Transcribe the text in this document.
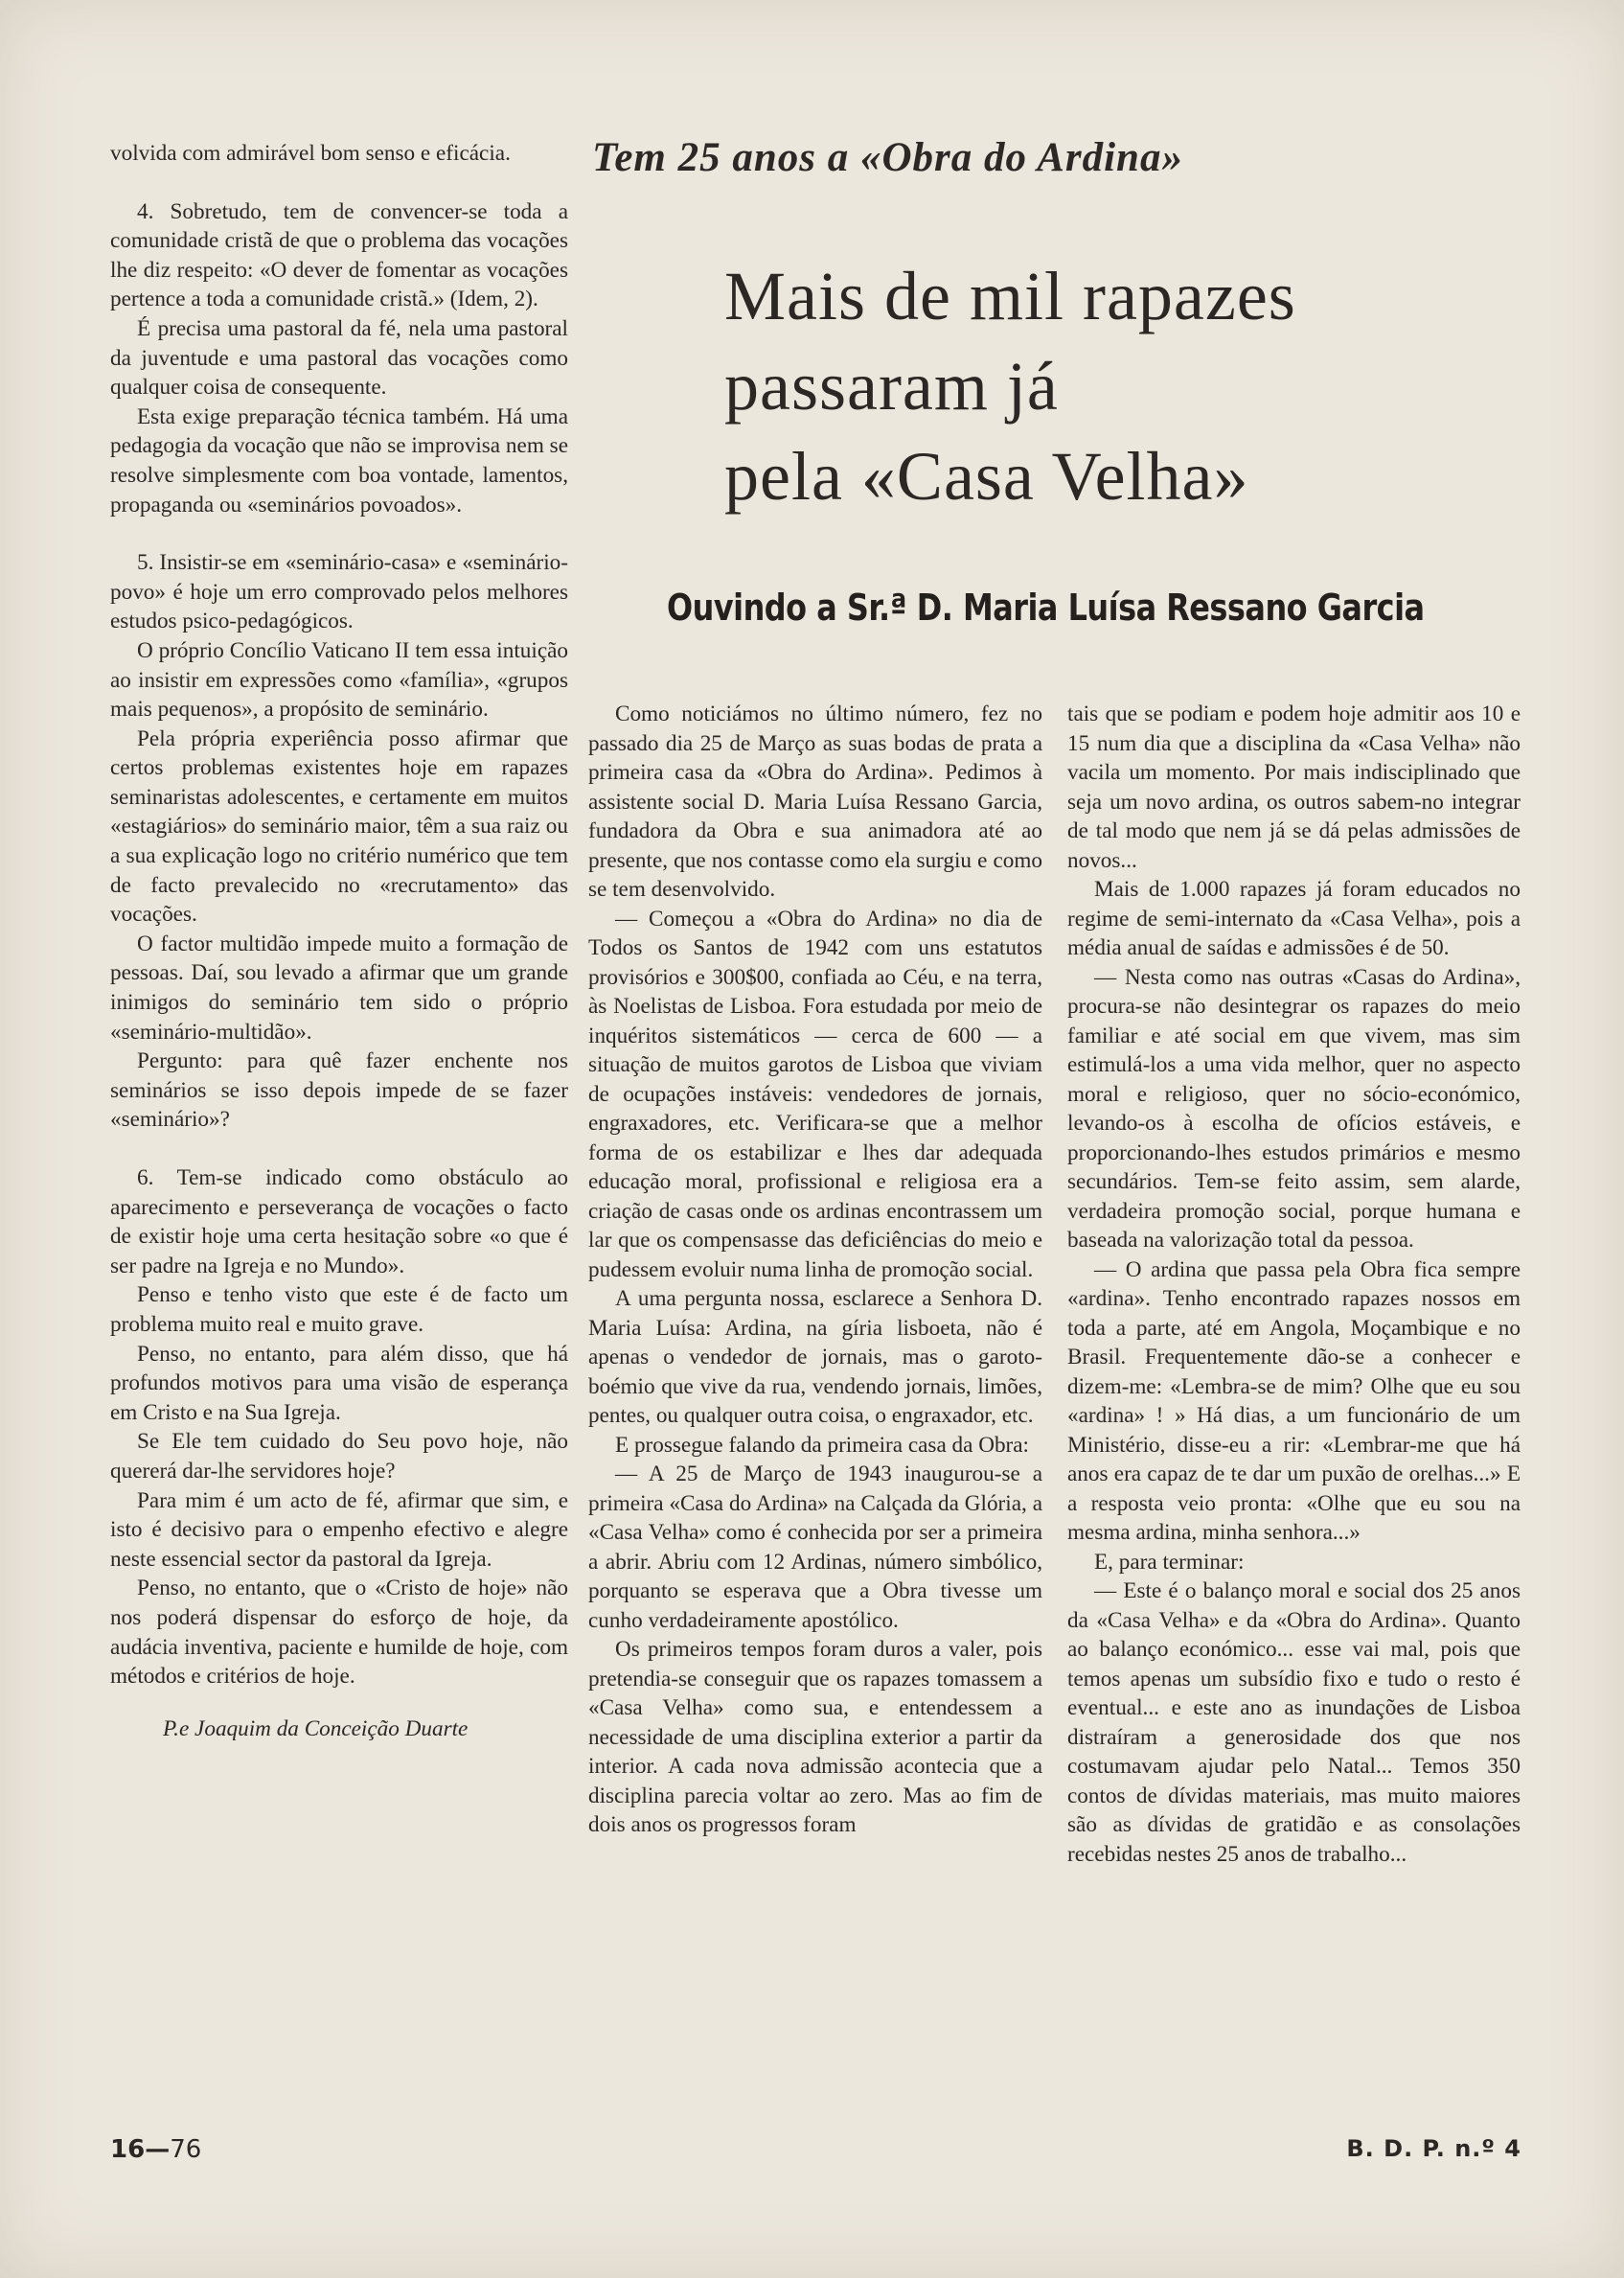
volvida com admirável bom senso e eficácia.

4. Sobretudo, tem de convencer-se toda a comunidade cristã de que o problema das vocações lhe diz respeito: «O dever de fomentar as vocações pertence a toda a comunidade cristã.» (Idem, 2).

É precisa uma pastoral da fé, nela uma pastoral da juventude e uma pastoral das vocações como qualquer coisa de consequente.

Esta exige preparação técnica também. Há uma pedagogia da vocação que não se improvisa nem se resolve simplesmente com boa vontade, lamentos, propaganda ou «seminários povoados».

5. Insistir-se em «seminário-casa» e «seminário-povo» é hoje um erro comprovado pelos melhores estudos psico-pedagógicos.

O próprio Concílio Vaticano II tem essa intuição ao insistir em expressões como «família», «grupos mais pequenos», a propósito de seminário.

Pela própria experiência posso afirmar que certos problemas existentes hoje em rapazes seminaristas adolescentes, e certamente em muitos «estagiários» do seminário maior, têm a sua raiz ou a sua explicação logo no critério numérico que tem de facto prevalecido no «recrutamento» das vocações.

O factor multidão impede muito a formação de pessoas. Daí, sou levado a afirmar que um grande inimigos do seminário tem sido o próprio «seminário-multidão».

Pergunto: para quê fazer enchente nos seminários se isso depois impede de se fazer «seminário»?

6. Tem-se indicado como obstáculo ao aparecimento e perseverança de vocações o facto de existir hoje uma certa hesitação sobre «o que é ser padre na Igreja e no Mundo».

Penso e tenho visto que este é de facto um problema muito real e muito grave.

Penso, no entanto, para além disso, que há profundos motivos para uma visão de esperança em Cristo e na Sua Igreja.

Se Ele tem cuidado do Seu povo hoje, não quererá dar-lhe servidores hoje?

Para mim é um acto de fé, afirmar que sim, e isto é decisivo para o empenho efectivo e alegre neste essencial sector da pastoral da Igreja.

Penso, no entanto, que o «Cristo de hoje» não nos poderá dispensar do esforço de hoje, da audácia inventiva, paciente e humilde de hoje, com métodos e critérios de hoje.

P.e Joaquim da Conceição Duarte

Tem 25 anos a «Obra do Ardina»
Mais de mil rapazes
passaram já
pela «Casa Velha»
Ouvindo a Sr.ª D. Maria Luísa Ressano Garcia

Como noticiámos no último número, fez no passado dia 25 de Março as suas bodas de prata a primeira casa da «Obra do Ardina». Pedimos à assistente social D. Maria Luísa Ressano Garcia, fundadora da Obra e sua animadora até ao presente, que nos contasse como ela surgiu e como se tem desenvolvido.

— Começou a «Obra do Ardina» no dia de Todos os Santos de 1942 com uns estatutos provisórios e 300$00, confiada ao Céu, e na terra, às Noelistas de Lisboa. Fora estudada por meio de inquéritos sistemáticos — cerca de 600 — a situação de muitos garotos de Lisboa que viviam de ocupações instáveis: vendedores de jornais, engraxadores, etc. Verificara-se que a melhor forma de os estabilizar e lhes dar adequada educação moral, profissional e religiosa era a criação de casas onde os ardinas encontrassem um lar que os compensasse das deficiências do meio e pudessem evoluir numa linha de promoção social.

A uma pergunta nossa, esclarece a Senhora D. Maria Luísa: Ardina, na gíria lisboeta, não é apenas o vendedor de jornais, mas o garoto-boémio que vive da rua, vendendo jornais, limões, pentes, ou qualquer outra coisa, o engraxador, etc.

E prossegue falando da primeira casa da Obra:

— A 25 de Março de 1943 inaugurou-se a primeira «Casa do Ardina» na Calçada da Glória, a «Casa Velha» como é conhecida por ser a primeira a abrir. Abriu com 12 Ardinas, número simbólico, porquanto se esperava que a Obra tivesse um cunho verdadeiramente apostólico.

Os primeiros tempos foram duros a valer, pois pretendia-se conseguir que os rapazes tomassem a «Casa Velha» como sua, e entendessem a necessidade de uma disciplina exterior a partir da interior. A cada nova admissão acontecia que a disciplina parecia voltar ao zero. Mas ao fim de dois anos os progressos foram

tais que se podiam e podem hoje admitir aos 10 e 15 num dia que a disciplina da «Casa Velha» não vacila um momento. Por mais indisciplinado que seja um novo ardina, os outros sabem-no integrar de tal modo que nem já se dá pelas admissões de novos...

Mais de 1.000 rapazes já foram educados no regime de semi-internato da «Casa Velha», pois a média anual de saídas e admissões é de 50.

— Nesta como nas outras «Casas do Ardina», procura-se não desintegrar os rapazes do meio familiar e até social em que vivem, mas sim estimulá-los a uma vida melhor, quer no aspecto moral e religioso, quer no sócio-económico, levando-os à escolha de ofícios estáveis, e proporcionando-lhes estudos primários e mesmo secundários. Tem-se feito assim, sem alarde, verdadeira promoção social, porque humana e baseada na valorização total da pessoa.

— O ardina que passa pela Obra fica sempre «ardina». Tenho encontrado rapazes nossos em toda a parte, até em Angola, Moçambique e no Brasil. Frequentemente dão-se a conhecer e dizem-me: «Lembra-se de mim? Olhe que eu sou «ardina» ! » Há dias, a um funcionário de um Ministério, disse-eu a rir: «Lembrar-me que há anos era capaz de te dar um puxão de orelhas...» E a resposta veio pronta: «Olhe que eu sou na mesma ardina, minha senhora...»

E, para terminar:

— Este é o balanço moral e social dos 25 anos da «Casa Velha» e da «Obra do Ardina». Quanto ao balanço económico... esse vai mal, pois que temos apenas um subsídio fixo e tudo o resto é eventual... e este ano as inundações de Lisboa distraíram a generosidade dos que nos costumavam ajudar pelo Natal... Temos 350 contos de dívidas materiais, mas muito maiores são as dívidas de gratidão e as consolações recebidas nestes 25 anos de trabalho...

16—76	B. D. P. n.º 4
